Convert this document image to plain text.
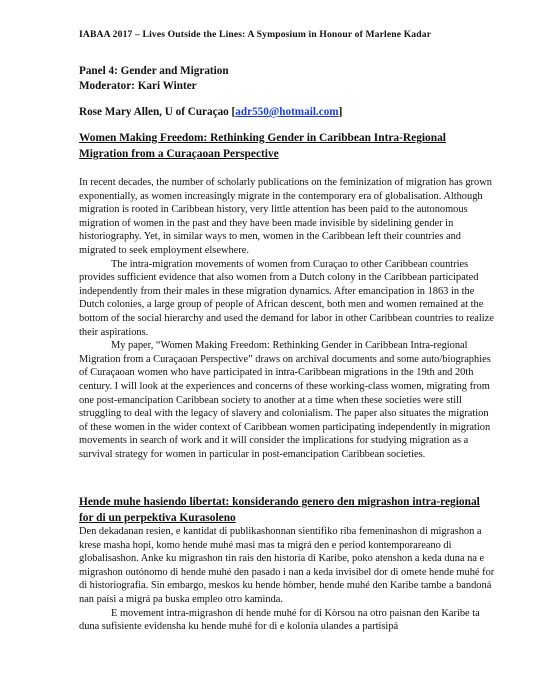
IABAA 2017 – Lives Outside the Lines: A Symposium in Honour of Marlene Kadar
Panel 4: Gender and Migration
Moderator: Kari Winter
Rose Mary Allen, U of Curaçao [adr550@hotmail.com]
Women Making Freedom: Rethinking Gender in Caribbean Intra-Regional Migration from a Curaçaoan Perspective

In recent decades, the number of scholarly publications on the feminization of migration has grown exponentially, as women increasingly migrate in the contemporary era of globalisation. Although migration is rooted in Caribbean history, very little attention has been paid to the autonomous migration of women in the past and they have been made invisible by sidelining gender in historiography. Yet, in similar ways to men, women in the Caribbean left their countries and migrated to seek employment elsewhere.

The intra-migration movements of women from Curaçao to other Caribbean countries provides sufficient evidence that also women from a Dutch colony in the Caribbean participated independently from their males in these migration dynamics. After emancipation in 1863 in the Dutch colonies, a large group of people of African descent, both men and women remained at the bottom of the social hierarchy and used the demand for labor in other Caribbean countries to realize their aspirations.

My paper, “Women Making Freedom: Rethinking Gender in Caribbean Intra-regional Migration from a Curaçaoan Perspective” draws on archival documents and some auto/biographies of Curaçaoan women who have participated in intra-Caribbean migrations in the 19th and 20th century. I will look at the experiences and concerns of these working-class women, migrating from one post-emancipation Caribbean society to another at a time when these societies were still struggling to deal with the legacy of slavery and colonialism. The paper also situates the migration of these women in the wider context of Caribbean women participating independently in migration movements in search of work and it will consider the implications for studying migration as a survival strategy for women in particular in post-emancipation Caribbean societies.

Hende muhe hasiendo libertat: konsiderando genero den migrashon intra-regional for di un perpektiva Kurasoleno

Den dekadanan resien, e kantidat di publikashonnan sientífiko riba femeninashon di migrashon a krese masha hopi, komo hende muhé masi mas ta migrá den e period kontemporareano di globalisashon. Anke ku migrashon tin rais den historia di Karibe, poko atenshon a keda duna na e migrashon outónomo di hende muhé den pasado i nan a keda invisibel dor di omete hende muhé for di historiografia. Sin embargo, meskos ku hende hòmber, hende muhé den Karibe tambe a bandoná nan paísi a migrá pa buska empleo otro kaminda.

E movement intra-migrashon di hende muhé for di Kòrsou na otro paisnan den Karibe ta duna sufisiente evidensha ku hende muhé for di e kolonia ulandes a partisipá
